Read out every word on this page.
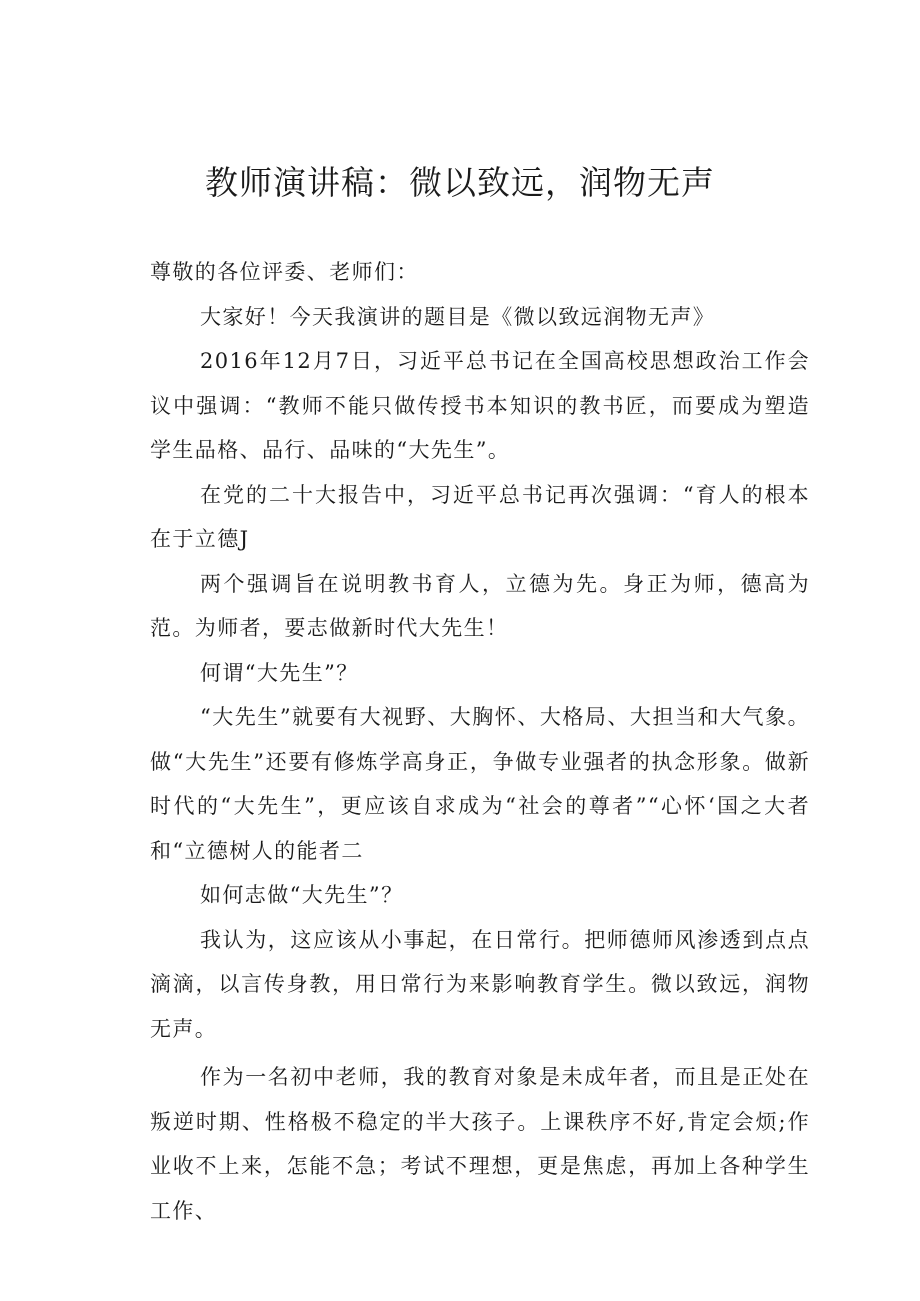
教师演讲稿：微以致远，润物无声

尊敬的各位评委、老师们：

大家好！今天我演讲的题目是《微以致远润物无声》

2016年12月7日，习近平总书记在全国高校思想政治工作会议中强调：“教师不能只做传授书本知识的教书匠，而要成为塑造学生品格、品行、品味的“大先生”。

在党的二十大报告中，习近平总书记再次强调：“育人的根本在于立德J

两个强调旨在说明教书育人，立德为先。身正为师，德高为范。为师者，要志做新时代大先生！

何谓“大先生”？

“大先生”就要有大视野、大胸怀、大格局、大担当和大气象。做“大先生”还要有修炼学高身正，争做专业强者的执念形象。做新时代的“大先生”，更应该自求成为“社会的尊者”“心怀‘国之大者和“立德树人的能者二

如何志做“大先生”？

我认为，这应该从小事起，在日常行。把师德师风渗透到点点滴滴，以言传身教，用日常行为来影响教育学生。微以致远，润物无声。

作为一名初中老师，我的教育对象是未成年者，而且是正处在叛逆时期、性格极不稳定的半大孩子。上课秩序不好,肯定会烦;作业收不上来，怎能不急；考试不理想，更是焦虑，再加上各种学生工作、
